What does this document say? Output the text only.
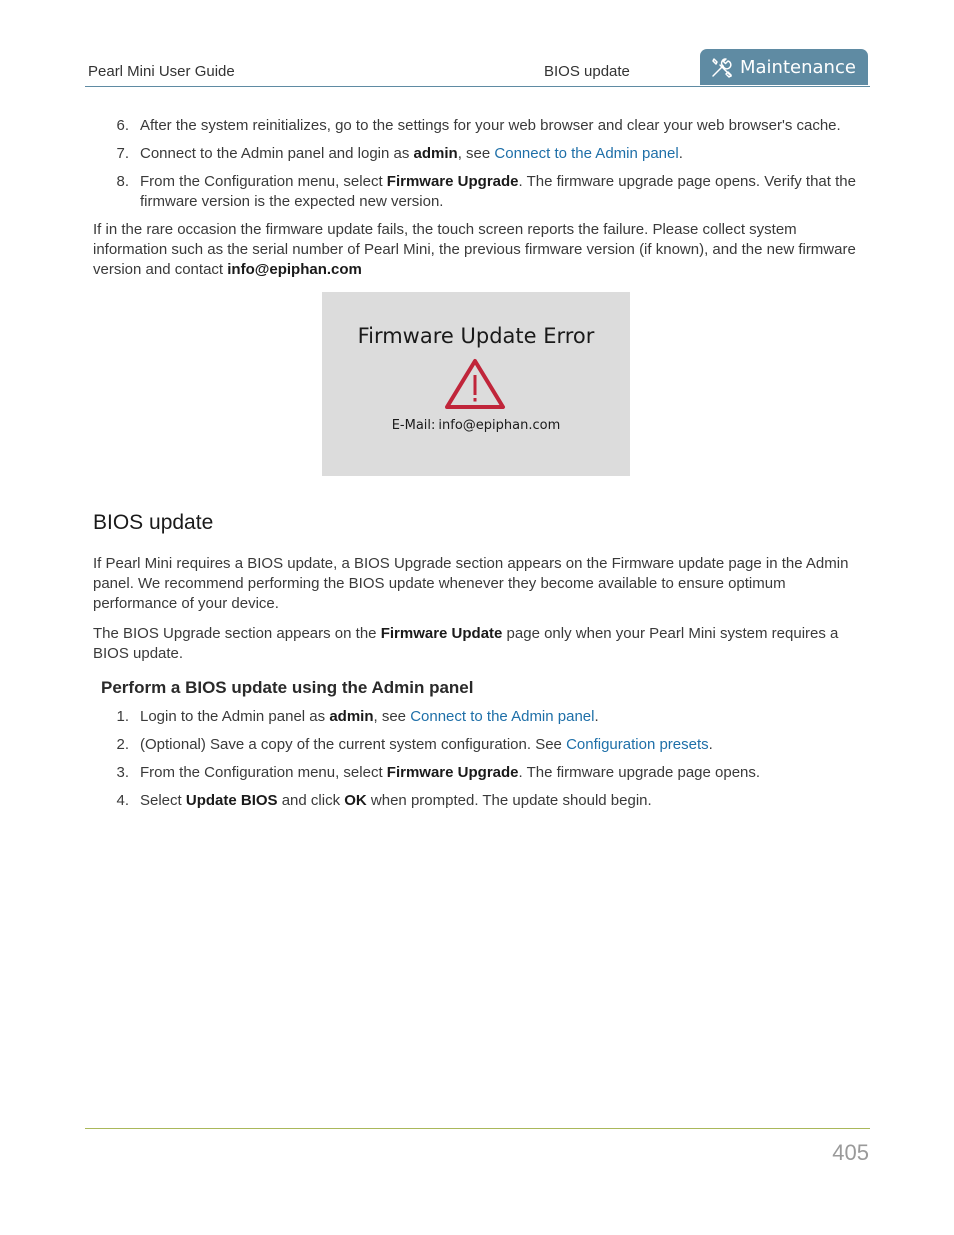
Pearl Mini User Guide	BIOS update	Maintenance
6. After the system reinitializes, go to the settings for your web browser and clear your web browser's cache.
7. Connect to the Admin panel and login as admin, see Connect to the Admin panel.
8. From the Configuration menu, select Firmware Upgrade. The firmware upgrade page opens. Verify that the firmware version is the expected new version.

If in the rare occasion the firmware update fails, the touch screen reports the failure. Please collect system information such as the serial number of Pearl Mini, the previous firmware version (if known), and the new firmware version and contact info@epiphan.com

Firmware Update Error
E-Mail: info@epiphan.com
BIOS update

If Pearl Mini requires a BIOS update, a BIOS Upgrade section appears on the Firmware update page in the Admin panel. We recommend performing the BIOS update whenever they become available to ensure optimum performance of your device.

The BIOS Upgrade section appears on the Firmware Update page only when your Pearl Mini system requires a BIOS update.

Perform a BIOS update using the Admin panel
1. Login to the Admin panel as admin, see Connect to the Admin panel.
2. (Optional) Save a copy of the current system configuration. See Configuration presets.
3. From the Configuration menu, select Firmware Upgrade. The firmware upgrade page opens.
4. Select Update BIOS and click OK when prompted. The update should begin.
405
